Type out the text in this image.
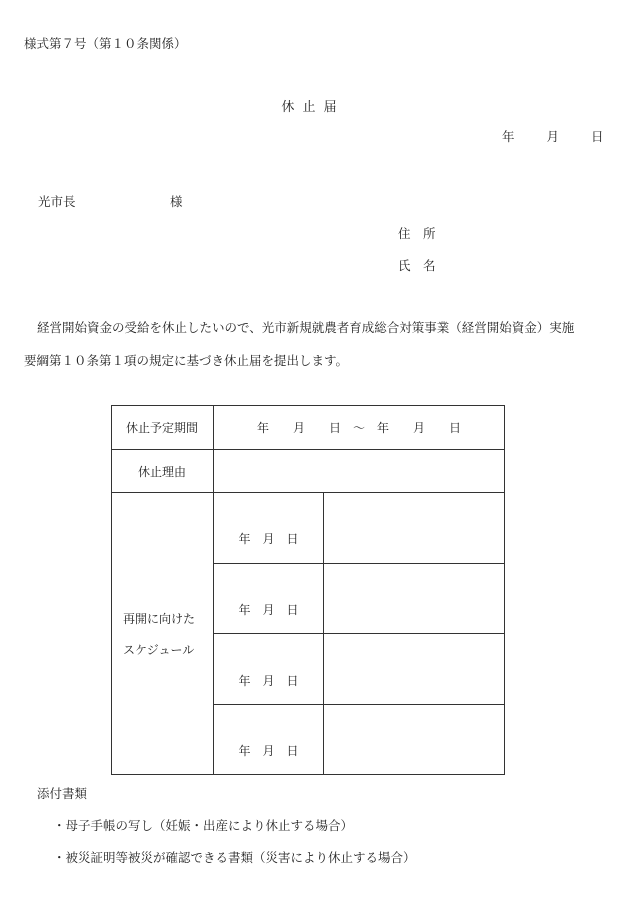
様式第７号（第１０条関係）
休 止 届
年	月	日
光市長	様
住　所
氏　名
経営開始資金の受給を休止したいので、光市新規就農者育成総合対策事業（経営開始資金）実施
要綱第１０条第１項の規定に基づき休止届を提出します。
休止予定期間	年　　月　　日　～　年　　月　　日
休止理由
再開に向けた
スケジュール
年　月　日
年　月　日
年　月　日
年　月　日
添付書類
・母子手帳の写し（妊娠・出産により休止する場合）
・被災証明等被災が確認できる書類（災害により休止する場合）
